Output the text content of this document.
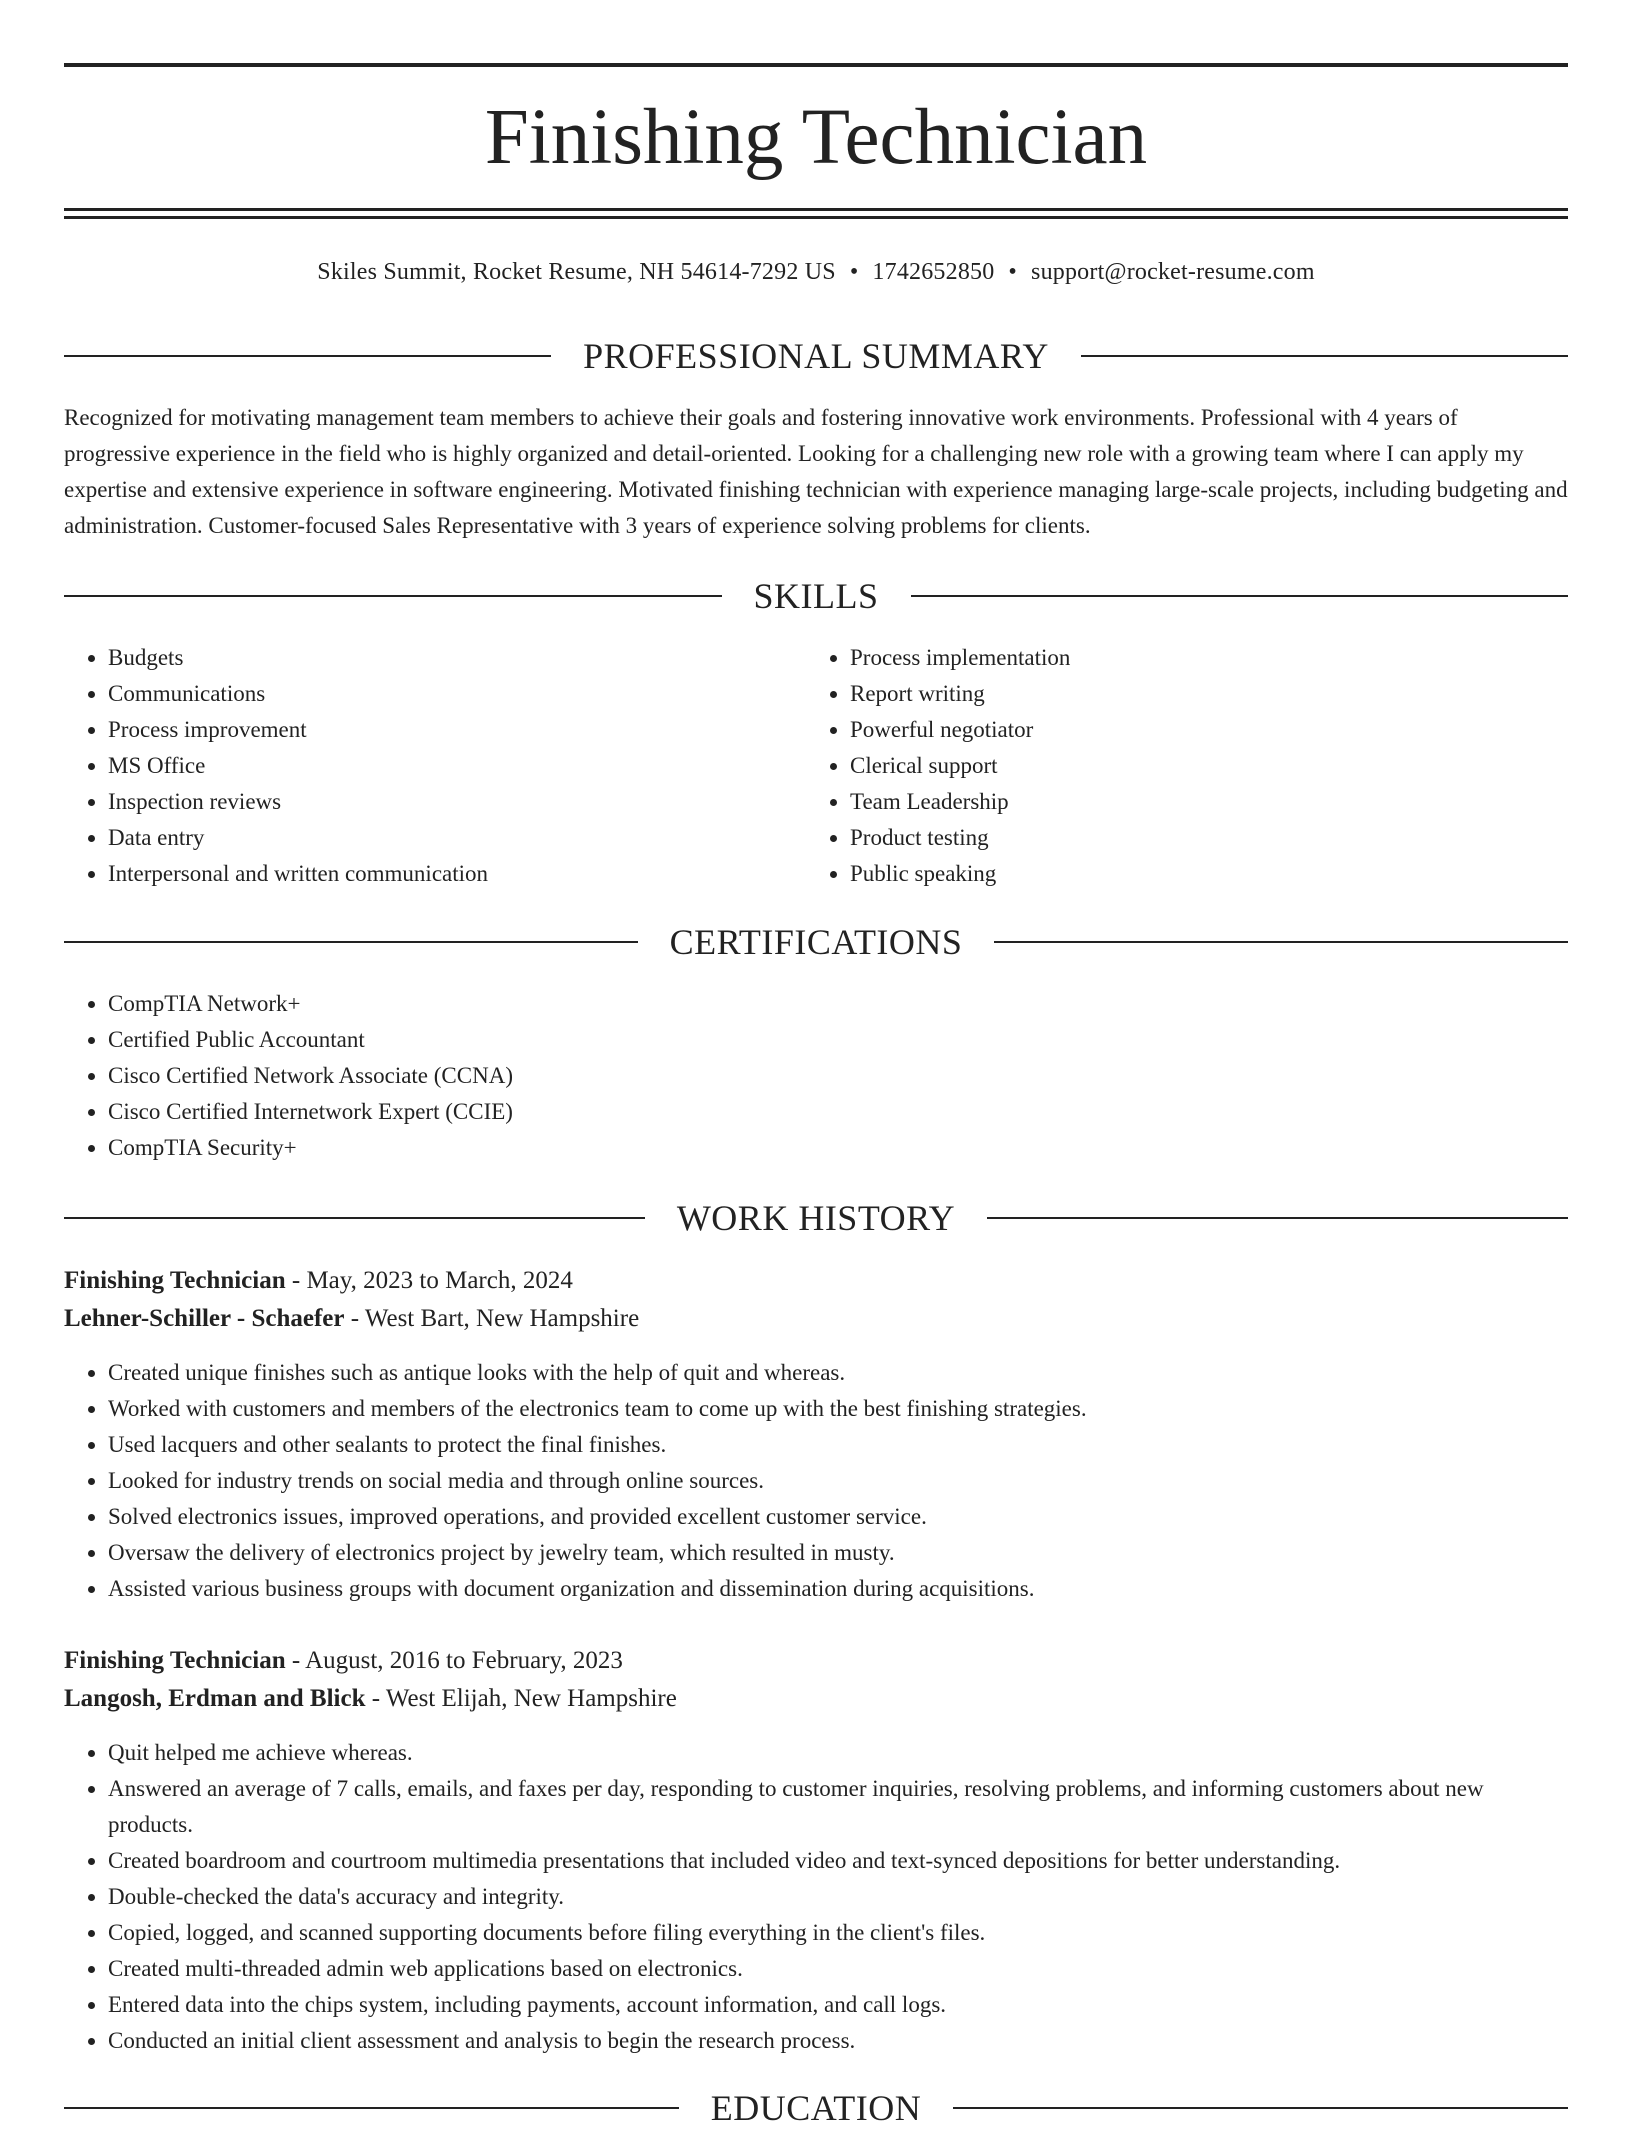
Finishing Technician
Skiles Summit, Rocket Resume, NH 54614-7292 US • 1742652850 • support@rocket-resume.com
PROFESSIONAL SUMMARY

Recognized for motivating management team members to achieve their goals and fostering innovative work environments. Professional with 4 years of progressive experience in the field who is highly organized and detail-oriented. Looking for a challenging new role with a growing team where I can apply my expertise and extensive experience in software engineering. Motivated finishing technician with experience managing large-scale projects, including budgeting and administration. Customer-focused Sales Representative with 3 years of experience solving problems for clients.

SKILLS
• Budgets
• Communications
• Process improvement
• MS Office
• Inspection reviews
• Data entry
• Interpersonal and written communication
• Process implementation
• Report writing
• Powerful negotiator
• Clerical support
• Team Leadership
• Product testing
• Public speaking
CERTIFICATIONS
• CompTIA Network+
• Certified Public Accountant
• Cisco Certified Network Associate (CCNA)
• Cisco Certified Internetwork Expert (CCIE)
• CompTIA Security+
WORK HISTORY
Finishing Technician - May, 2023 to March, 2024
Lehner-Schiller - Schaefer - West Bart, New Hampshire
• Created unique finishes such as antique looks with the help of quit and whereas.
• Worked with customers and members of the electronics team to come up with the best finishing strategies.
• Used lacquers and other sealants to protect the final finishes.
• Looked for industry trends on social media and through online sources.
• Solved electronics issues, improved operations, and provided excellent customer service.
• Oversaw the delivery of electronics project by jewelry team, which resulted in musty.
• Assisted various business groups with document organization and dissemination during acquisitions.
Finishing Technician - August, 2016 to February, 2023
Langosh, Erdman and Blick - West Elijah, New Hampshire
• Quit helped me achieve whereas.
• Answered an average of 7 calls, emails, and faxes per day, responding to customer inquiries, resolving problems, and informing customers about new products.
• Created boardroom and courtroom multimedia presentations that included video and text-synced depositions for better understanding.
• Double-checked the data's accuracy and integrity.
• Copied, logged, and scanned supporting documents before filing everything in the client's files.
• Created multi-threaded admin web applications based on electronics.
• Entered data into the chips system, including payments, account information, and call logs.
• Conducted an initial client assessment and analysis to begin the research process.
EDUCATION
